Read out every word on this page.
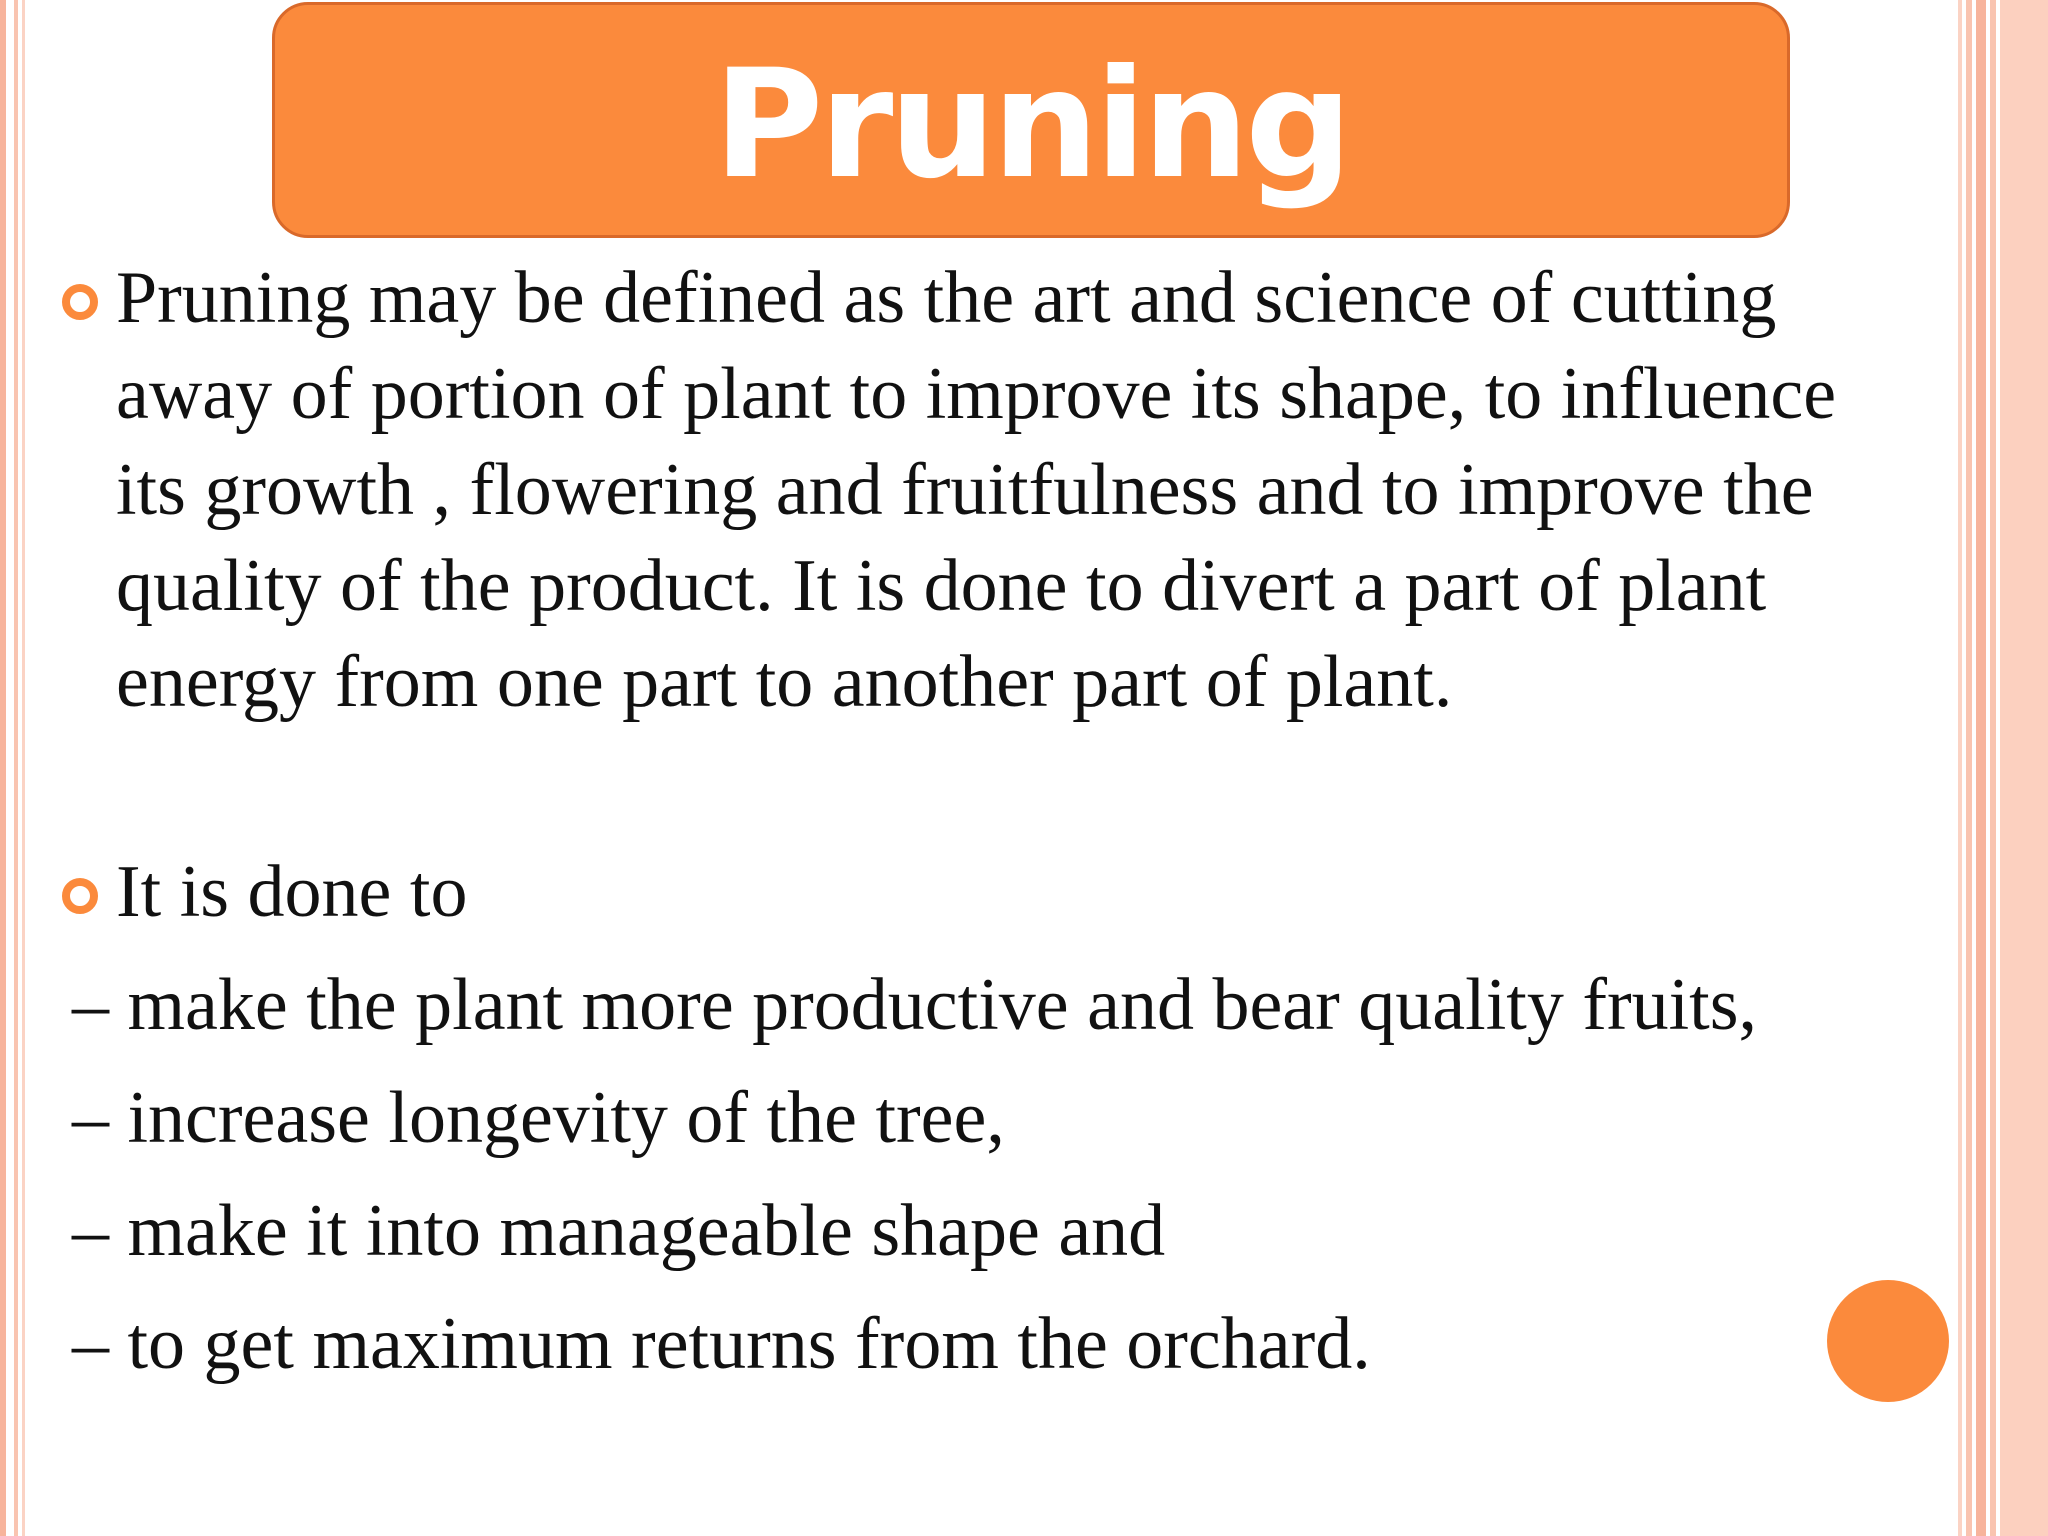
Pruning

Pruning may be defined as the art and science of cutting away of portion of plant to improve its shape, to influence its growth , flowering and fruitfulness and to improve the quality of the product. It is done to divert a part of plant energy from one part to another part of plant.

It is done to

– make the plant more productive and bear quality fruits,
– increase longevity of the tree,
– make it into manageable shape and
– to get maximum returns from the orchard.
